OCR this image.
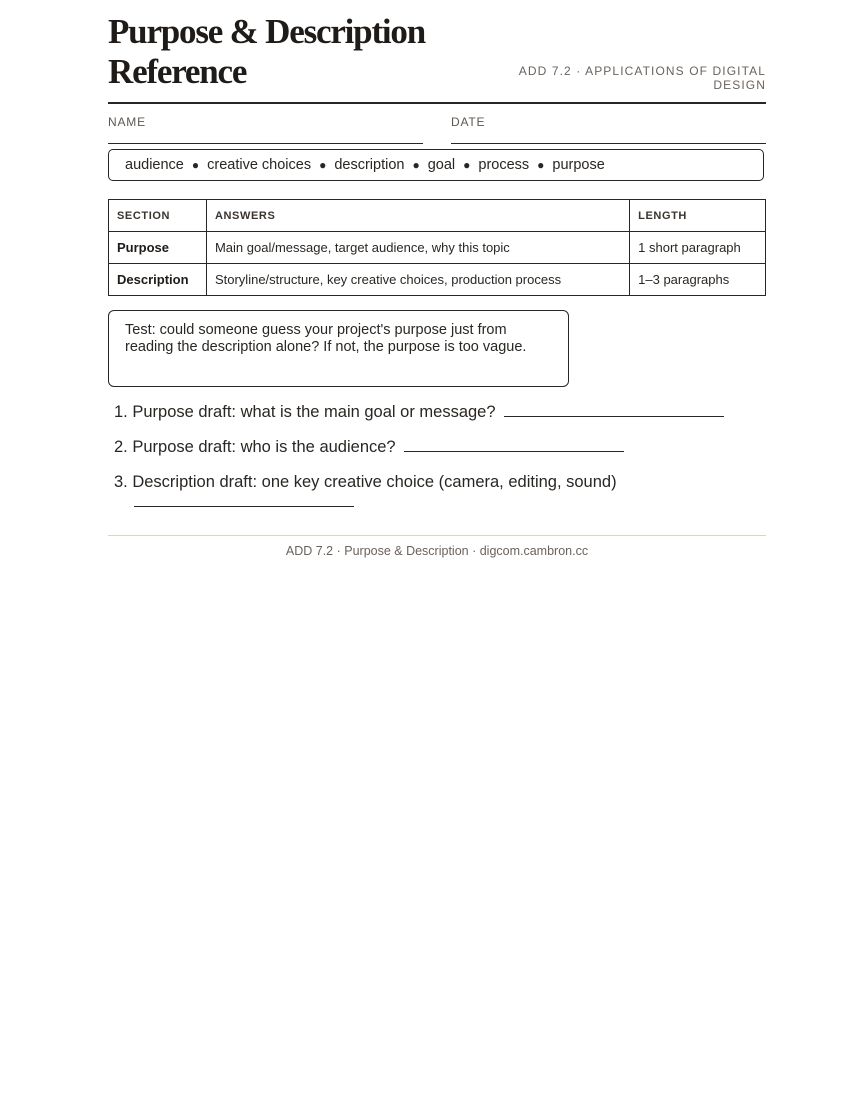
Purpose & Description
Reference	ADD 7.2 · APPLICATIONS OF DIGITAL
DESIGN
NAME	DATE
audience ● creative choices ● description ● goal ● process ● purpose
SECTION	ANSWERS	LENGTH
Purpose	Main goal/message, target audience, why this topic	1 short paragraph
Description	Storyline/structure, key creative choices, production process	1–3 paragraphs
Test: could someone guess your project's purpose just from reading the description alone? If not, the purpose is too vague.
1. Purpose draft: what is the main goal or message?
2. Purpose draft: who is the audience?
3. Description draft: one key creative choice (camera, editing, sound)
ADD 7.2 · Purpose & Description · digcom.cambron.cc
